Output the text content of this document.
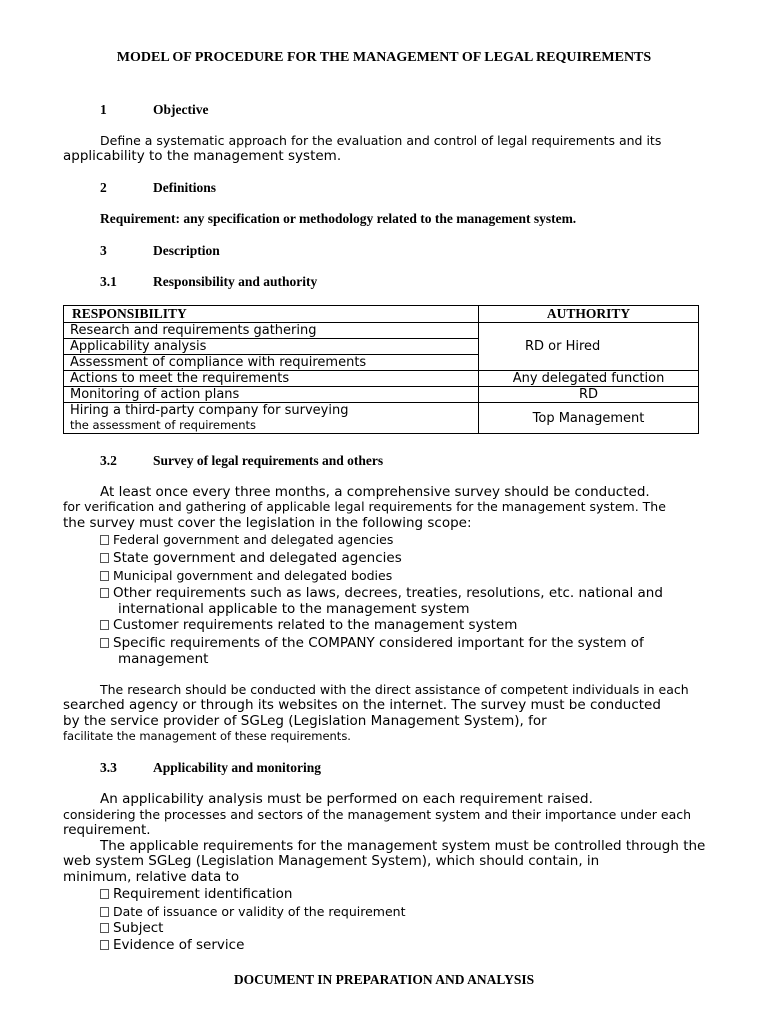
MODEL OF PROCEDURE FOR THE MANAGEMENT OF LEGAL REQUIREMENTS
1	Objective
Define a systematic approach for the evaluation and control of legal requirements and its
applicability to the management system.
2	Definitions
Requirement: any specification or methodology related to the management system.
3	Description
3.1	Responsibility and authority
RESPONSIBILITY	AUTHORITY
Research and requirements gathering	RD or Hired
Applicability analysis	
Assessment of compliance with requirements	
Actions to meet the requirements	Any delegated function
Monitoring of action plans	RD

Hiring a third-party company for surveying
the assessment of requirements	Top Management
3.2	Survey of legal requirements and others
At least once every three months, a comprehensive survey should be conducted.
for verification and gathering of applicable legal requirements for the management system. The
the survey must cover the legislation in the following scope:
Federal government and delegated agencies
State government and delegated agencies
Municipal government and delegated bodies
Other requirements such as laws, decrees, treaties, resolutions, etc. national and
international applicable to the management system
Customer requirements related to the management system
Specific requirements of the COMPANY considered important for the system of
management
The research should be conducted with the direct assistance of competent individuals in each
searched agency or through its websites on the internet. The survey must be conducted
by the service provider of SGLeg (Legislation Management System), for
facilitate the management of these requirements.
3.3	Applicability and monitoring
An applicability analysis must be performed on each requirement raised.
considering the processes and sectors of the management system and their importance under each
requirement.
The applicable requirements for the management system must be controlled through the
web system SGLeg (Legislation Management System), which should contain, in
minimum, relative data to
Requirement identification
Date of issuance or validity of the requirement
Subject
Evidence of service
DOCUMENT IN PREPARATION AND ANALYSIS
